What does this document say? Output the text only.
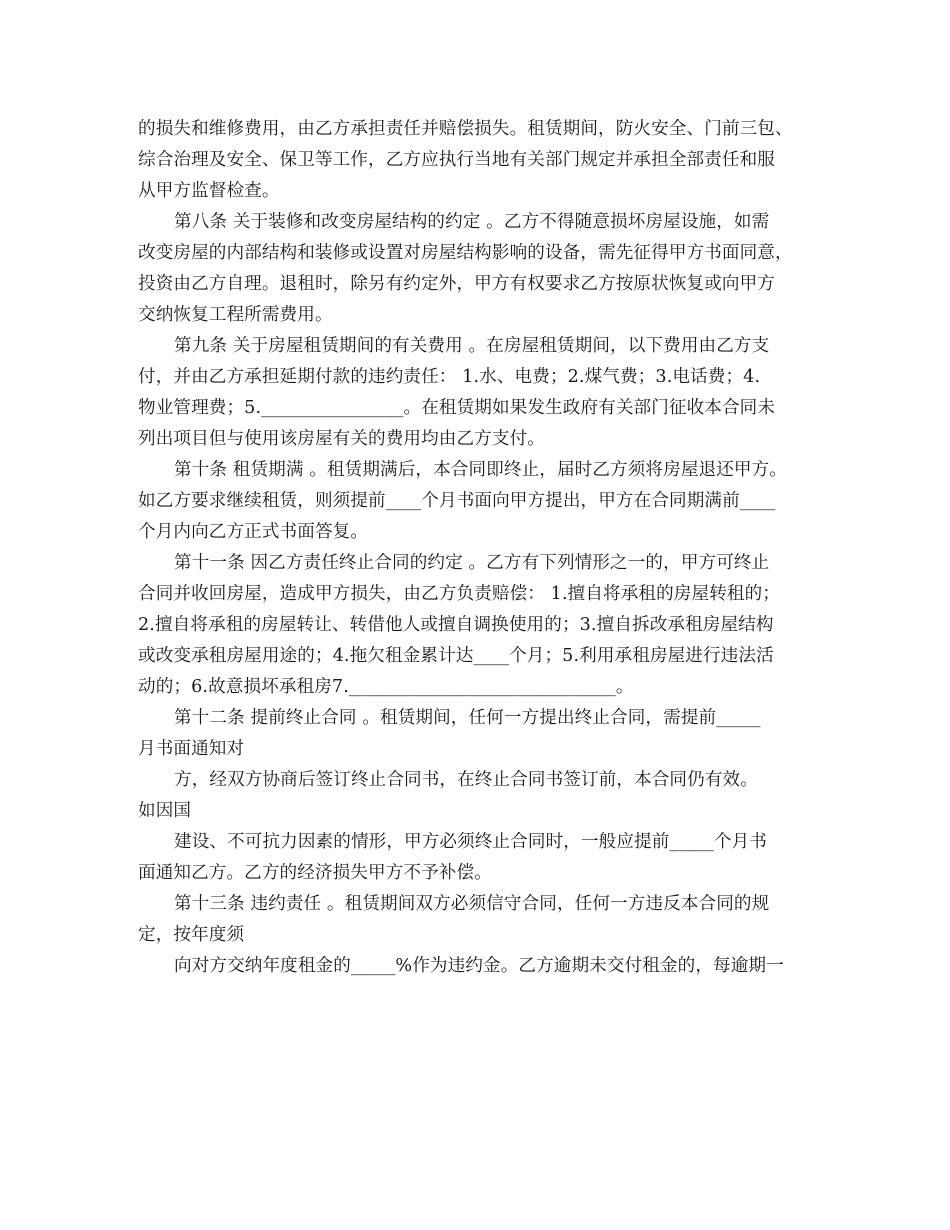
的损失和维修费用，由乙方承担责任并赔偿损失。租赁期间，防火安全、门前三包、
综合治理及安全、保卫等工作，乙方应执行当地有关部门规定并承担全部责任和服
从甲方监督检查。
第八条 关于装修和改变房屋结构的约定 。乙方不得随意损坏房屋设施，如需
改变房屋的内部结构和装修或设置对房屋结构影响的设备，需先征得甲方书面同意，
投资由乙方自理。退租时，除另有约定外，甲方有权要求乙方按原状恢复或向甲方
交纳恢复工程所需费用。
第九条 关于房屋租赁期间的有关费用 。在房屋租赁期间，以下费用由乙方支
付，并由乙方承担延期付款的违约责任： 1.水、电费；2.煤气费；3.电话费；4.
物业管理费；5.________________。在租赁期如果发生政府有关部门征收本合同未
列出项目但与使用该房屋有关的费用均由乙方支付。
第十条 租赁期满 。租赁期满后，本合同即终止，届时乙方须将房屋退还甲方。
如乙方要求继续租赁，则须提前____个月书面向甲方提出，甲方在合同期满前____
个月内向乙方正式书面答复。
第十一条 因乙方责任终止合同的约定 。乙方有下列情形之一的，甲方可终止
合同并收回房屋，造成甲方损失，由乙方负责赔偿： 1.擅自将承租的房屋转租的；
2.擅自将承租的房屋转让、转借他人或擅自调换使用的；3.擅自拆改承租房屋结构
或改变承租房屋用途的；4.拖欠租金累计达____个月；5.利用承租房屋进行违法活
动的；6.故意损坏承租房7.______________________________。
第十二条 提前终止合同 。租赁期间，任何一方提出终止合同，需提前_____
月书面通知对
方，经双方协商后签订终止合同书，在终止合同书签订前，本合同仍有效。
如因国
建设、不可抗力因素的情形，甲方必须终止合同时，一般应提前_____个月书
面通知乙方。乙方的经济损失甲方不予补偿。
第十三条 违约责任 。租赁期间双方必须信守合同，任何一方违反本合同的规
定，按年度须
向对方交纳年度租金的_____%作为违约金。乙方逾期未交付租金的，每逾期一
